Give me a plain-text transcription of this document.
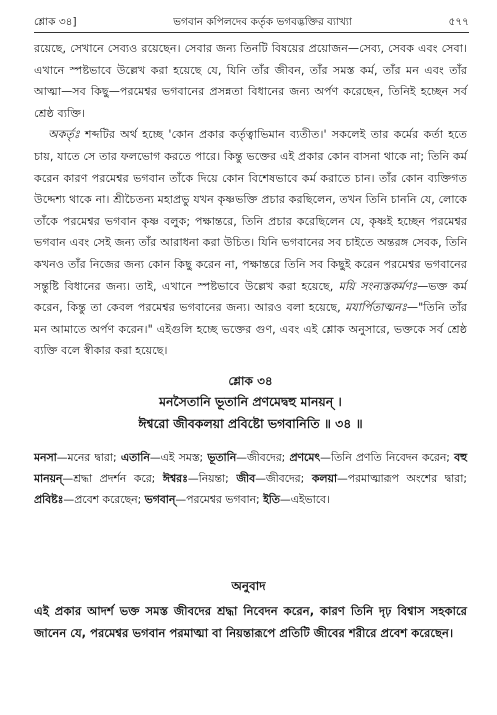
শ্লোক ৩৪]	ভগবান কপিলদেব কর্তৃক ভগবদ্ভক্তির ব্যাখ্যা	৫৭৭

রয়েছে, সেখানে সেব্যও রয়েছেন। সেবার জন্য তিনটি বিষয়ের প্রয়োজন—সেব্য, সেবক এবং সেবা। এখানে স্পষ্টভাবে উল্লেখ করা হয়েছে যে, যিনি তাঁর জীবন, তাঁর সমস্ত কর্ম, তাঁর মন এবং তাঁর আত্মা—সব কিছু—পরমেশ্বর ভগবানের প্রসন্নতা বিধানের জন্য অর্পণ করেছেন, তিনিই হচ্ছেন সর্ব শ্রেষ্ঠ ব্যক্তি।

অকর্তৃঃ শব্দটির অর্থ হচ্ছে 'কোন প্রকার কর্তৃত্বাভিমান ব্যতীত।' সকলেই তার কর্মের কর্তা হতে চায়, যাতে সে তার ফলভোগ করতে পারে। কিন্তু ভক্তের এই প্রকার কোন বাসনা থাকে না; তিনি কর্ম করেন কারণ পরমেশ্বর ভগবান তাঁকে দিয়ে কোন বিশেষভাবে কর্ম করাতে চান। তাঁর কোন ব্যক্তিগত উদ্দেশ্য থাকে না। শ্রীচৈতন্য মহাপ্রভু যখন কৃষ্ণভক্তি প্রচার করছিলেন, তখন তিনি চাননি যে, লোকে তাঁকে পরমেশ্বর ভগবান কৃষ্ণ বলুক; পক্ষান্তরে, তিনি প্রচার করেছিলেন যে, কৃষ্ণই হচ্ছেন পরমেশ্বর ভগবান এবং সেই জন্য তাঁর আরাধনা করা উচিত। যিনি ভগবানের সব চাইতে অন্তরঙ্গ সেবক, তিনি কখনও তাঁর নিজের জন্য কোন কিছু করেন না, পক্ষান্তরে তিনি সব কিছুই করেন পরমেশ্বর ভগবানের সন্তুষ্টি বিধানের জন্য। তাই, এখানে স্পষ্টভাবে উল্লেখ করা হয়েছে, ময়ি সংন্যস্তকর্মণঃ—ভক্ত কর্ম করেন, কিন্তু তা কেবল পরমেশ্বর ভগবানের জন্য। আরও বলা হয়েছে, মযার্পিতাত্মনঃ—"তিনি তাঁর মন আমাতে অর্পণ করেন।" এইগুলি হচ্ছে ভক্তের গুণ, এবং এই শ্লোক অনুসারে, ভক্তকে সর্ব শ্রেষ্ঠ ব্যক্তি বলে স্বীকার করা হয়েছে।

শ্লোক ৩৪
মনসৈতানি ভূতানি প্রণমেদ্বহু মানয়ন্ ।
ঈশ্বরো জীবকলয়া প্রবিষ্টো ভগবানিতি ॥ ৩৪ ॥
মনসা—মনের দ্বারা; এতানি—এই সমস্ত; ভূতানি—জীবদের; প্রণমেৎ—তিনি প্রণতি নিবেদন করেন; বহু মানয়ন্—শ্রদ্ধা প্রদর্শন করে; ঈশ্বরঃ—নিয়ন্তা; জীব—জীবদের; কলয়া—পরমাত্মারূপ অংশের দ্বারা; প্রবিষ্টঃ—প্রবেশ করেছেন; ভগবান্—পরমেশ্বর ভগবান; ইতি—এইভাবে।
অনুবাদ
এই প্রকার আদর্শ ভক্ত সমস্ত জীবদের শ্রদ্ধা নিবেদন করেন, কারণ তিনি দৃঢ় বিশ্বাস সহকারে জানেন যে, পরমেশ্বর ভগবান পরমাত্মা বা নিয়ন্তারূপে প্রতিটি জীবের শরীরে প্রবেশ করেছেন।
